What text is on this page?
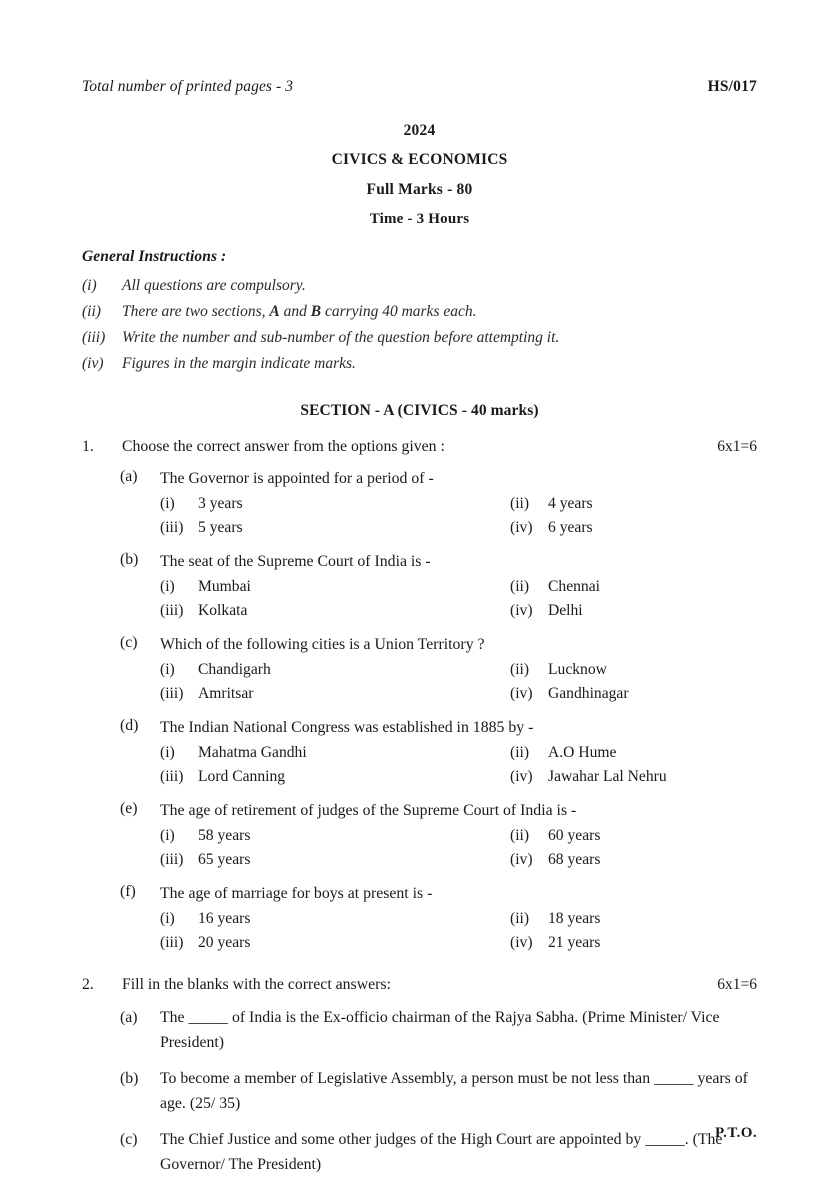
Total number of printed pages - 3	HS/017
2024
CIVICS & ECONOMICS
Full Marks - 80
Time - 3 Hours
General Instructions :
(i)	All questions are compulsory.
(ii)	There are two sections, A and B carrying 40 marks each.
(iii)	Write the number and sub-number of the question before attempting it.
(iv)	Figures in the margin indicate marks.
SECTION - A (CIVICS - 40 marks)
1.	Choose the correct answer from the options given :	6x1=6
(a)	The Governor is appointed for a period of -
(i)	3 years	(ii)	4 years
(iii) 5 years	(iv) 6 years
(b)	The seat of the Supreme Court of India is -
(i)	Mumbai	(ii)	Chennai
(iii) Kolkata	(iv) Delhi
(c)	Which of the following cities is a Union Territory ?
(i)	Chandigarh	(ii)	Lucknow
(iii) Amritsar	(iv) Gandhinagar
(d)	The Indian National Congress was established in 1885 by -
(i)	Mahatma Gandhi	(ii)	A.O Hume
(iii) Lord Canning	(iv) Jawahar Lal Nehru
(e)	The age of retirement of judges of the Supreme Court of India is -
(i)	58 years	(ii)	60 years
(iii) 65 years	(iv) 68 years
(f)	The age of marriage for boys at present is -
(i)	16 years	(ii)	18 years
(iii) 20 years	(iv) 21 years
2.	Fill in the blanks with the correct answers:	6x1=6
(a)	The _____ of India is the Ex-officio chairman of the Rajya Sabha. (Prime Minister/ Vice President)
(b)	To become a member of Legislative Assembly, a person must be not less than _____ years of age. (25/ 35)
(c)	The Chief Justice and some other judges of the High Court are appointed by _____. (The Governor/ The President)
P.T.O.
